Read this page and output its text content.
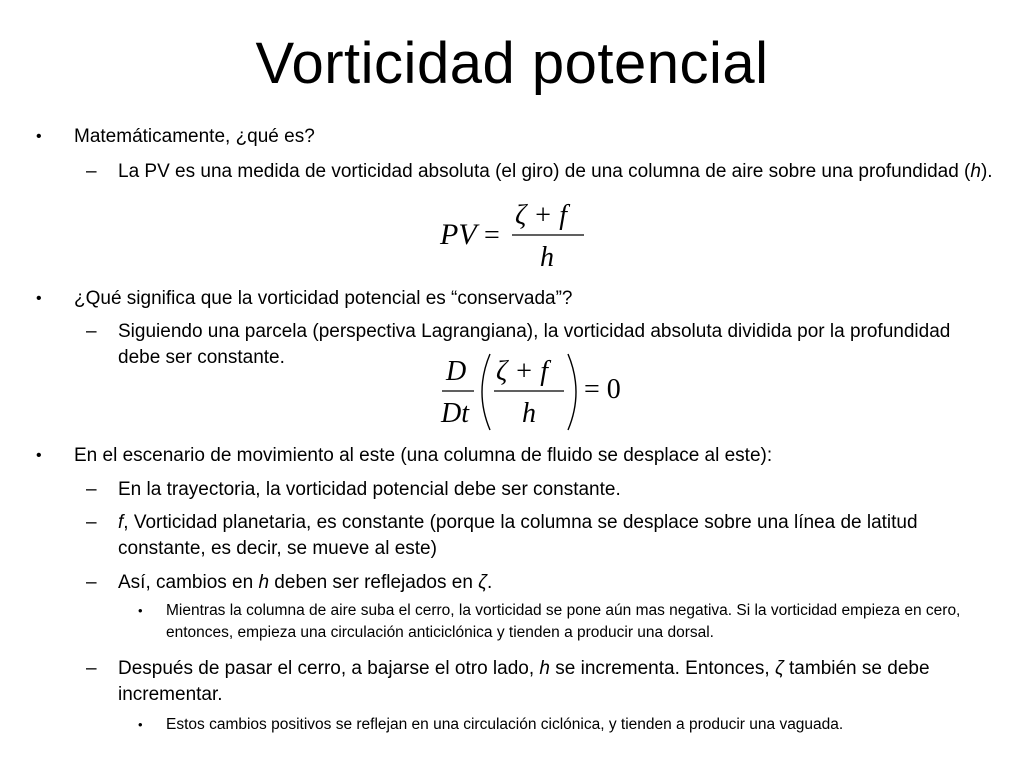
Vorticidad potencial
• Matemáticamente, ¿qué es?
– La PV es una medida de vorticidad absoluta (el giro) de una columna de aire sobre una profundidad (h).
PV =
ζ + f
h
• ¿Qué significa que la vorticidad potencial es “conservada”?
– Siguiendo una parcela (perspectiva Lagrangiana), la vorticidad absoluta dividida por la profundidad debe ser constante.	D
Dt
ζ + f
h
= 0
• En el escenario de movimiento al este (una columna de fluido se desplace al este):
– En la trayectoria, la vorticidad potencial debe ser constante.
– f, Vorticidad planetaria, es constante (porque la columna se desplace sobre una línea de latitud constante, es decir, se mueve al este)
– Así, cambios en h deben ser reflejados en ζ.
• Mientras la columna de aire suba el cerro, la vorticidad se pone aún mas negativa. Si la vorticidad empieza en cero, entonces, empieza una circulación anticiclónica y tienden a producir una dorsal.
– Después de pasar el cerro, a bajarse el otro lado, h se incrementa. Entonces, ζ también se debe incrementar.
• Estos cambios positivos se reflejan en una circulación ciclónica, y tienden a producir una vaguada.
